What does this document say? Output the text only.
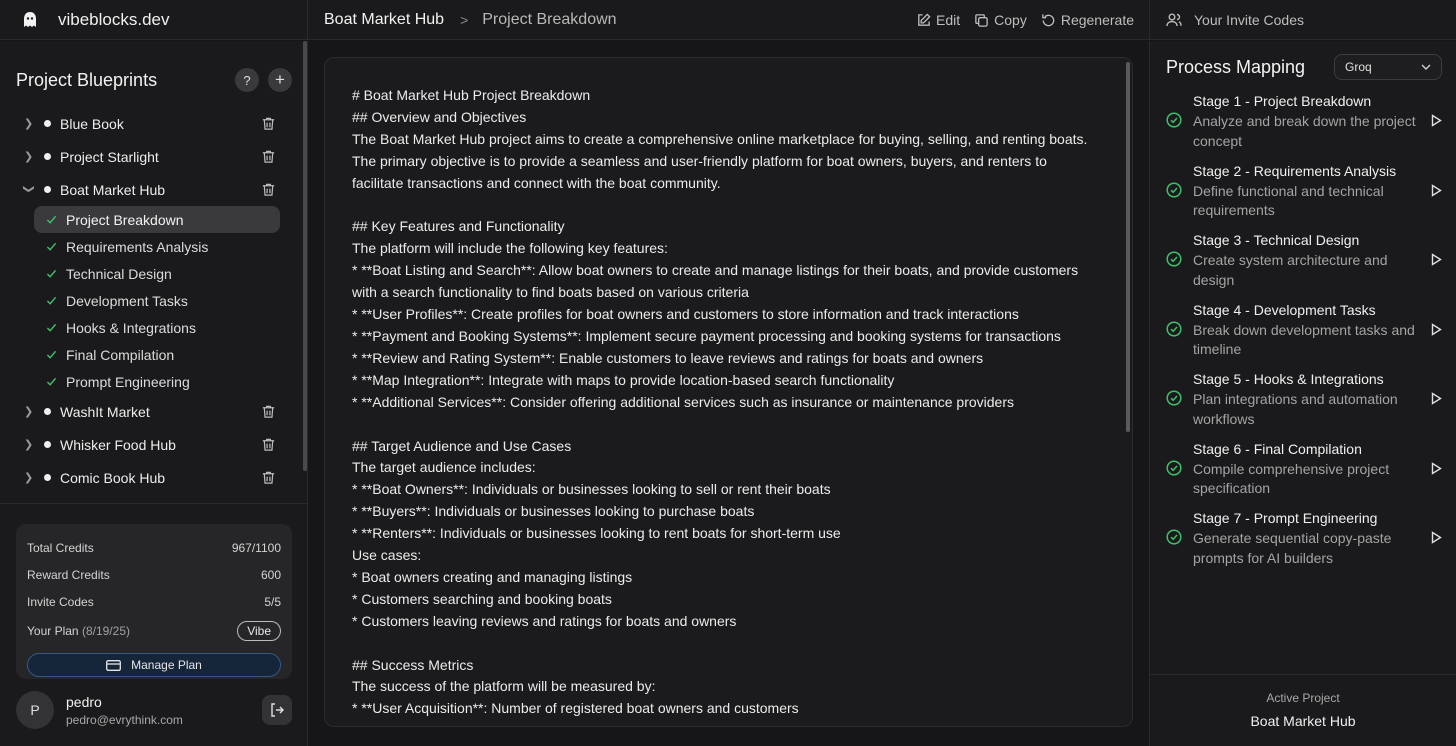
vibeblocks.dev	Boat Market Hub > Project Breakdown	Edit Copy Regenerate	Your Invite Codes
Project Blueprints	?	+
❯ Blue Book
❯ Project Starlight
❯ Boat Market Hub
Project Breakdown
Requirements Analysis
Technical Design
Development Tasks
Hooks & Integrations
Final Compilation
Prompt Engineering
❯ WashIt Market
❯ Whisker Food Hub
❯ Comic Book Hub
Total Credits	967/1100
Reward Credits	600
Invite Codes	5/5
Your Plan (8/19/25)	Vibe
Manage Plan
P
pedro
pedro@evrythink.com
# Boat Market Hub Project Breakdown
## Overview and Objectives
The Boat Market Hub project aims to create a comprehensive online marketplace for buying, selling, and renting boats.
The primary objective is to provide a seamless and user-friendly platform for boat owners, buyers, and renters to
facilitate transactions and connect with the boat community.

## Key Features and Functionality
The platform will include the following key features:
* **Boat Listing and Search**: Allow boat owners to create and manage listings for their boats, and provide customers
with a search functionality to find boats based on various criteria
* **User Profiles**: Create profiles for boat owners and customers to store information and track interactions
* **Payment and Booking Systems**: Implement secure payment processing and booking systems for transactions
* **Review and Rating System**: Enable customers to leave reviews and ratings for boats and owners
* **Map Integration**: Integrate with maps to provide location-based search functionality
* **Additional Services**: Consider offering additional services such as insurance or maintenance providers

## Target Audience and Use Cases
The target audience includes:
* **Boat Owners**: Individuals or businesses looking to sell or rent their boats
* **Buyers**: Individuals or businesses looking to purchase boats
* **Renters**: Individuals or businesses looking to rent boats for short-term use
Use cases:
* Boat owners creating and managing listings
* Customers searching and booking boats
* Customers leaving reviews and ratings for boats and owners

## Success Metrics
The success of the platform will be measured by:
* **User Acquisition**: Number of registered boat owners and customers
Process Mapping	Groq
Stage 1 - Project Breakdown
Analyze and break down the project concept
Stage 2 - Requirements Analysis
Define functional and technical requirements
Stage 3 - Technical Design
Create system architecture and design
Stage 4 - Development Tasks
Break down development tasks and timeline
Stage 5 - Hooks & Integrations
Plan integrations and automation workflows
Stage 6 - Final Compilation
Compile comprehensive project specification
Stage 7 - Prompt Engineering
Generate sequential copy-paste prompts for AI builders
Active Project
Boat Market Hub
